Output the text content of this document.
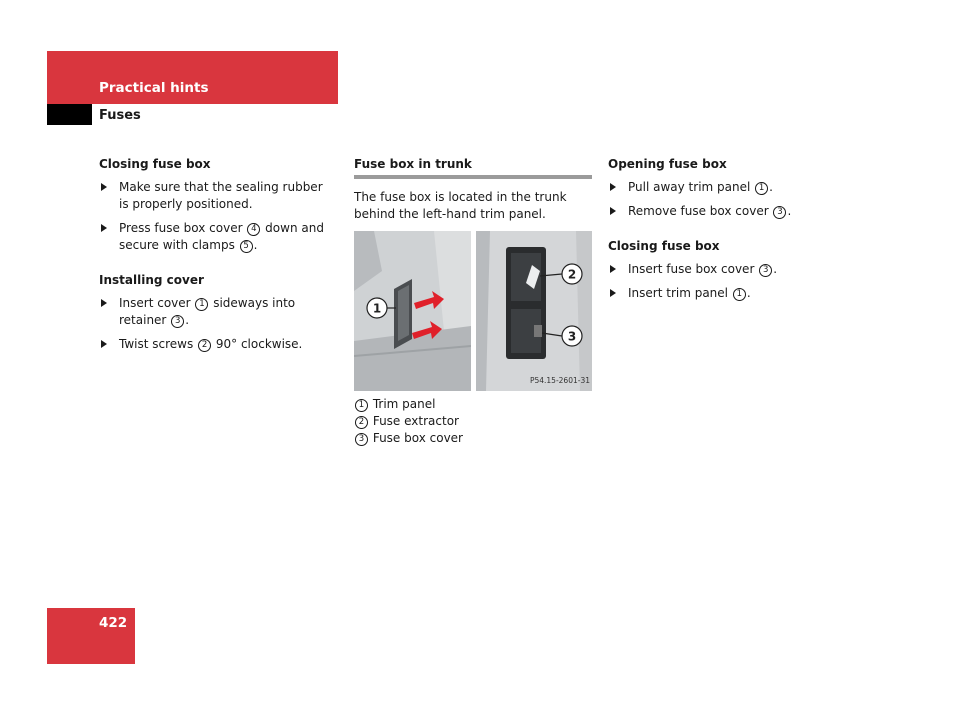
Practical hints
Fuses
Closing fuse box
Make sure that the sealing rubber is properly positioned.
Press fuse box cover 4 down and secure with clamps 5 .
Installing cover
Insert cover 1 sideways into retainer 3 .
Twist screws 2 90° clockwise.
Fuse box in trunk
The fuse box is located in the trunk behind the left-hand trim panel.
1
2
3
P54.15-2601-31
1 Trim panel
2 Fuse extractor
3 Fuse box cover
Opening fuse box
Pull away trim panel 1 .
Remove fuse box cover 3 .
Closing fuse box
Insert fuse box cover 3 .
Insert trim panel 1 .
422
